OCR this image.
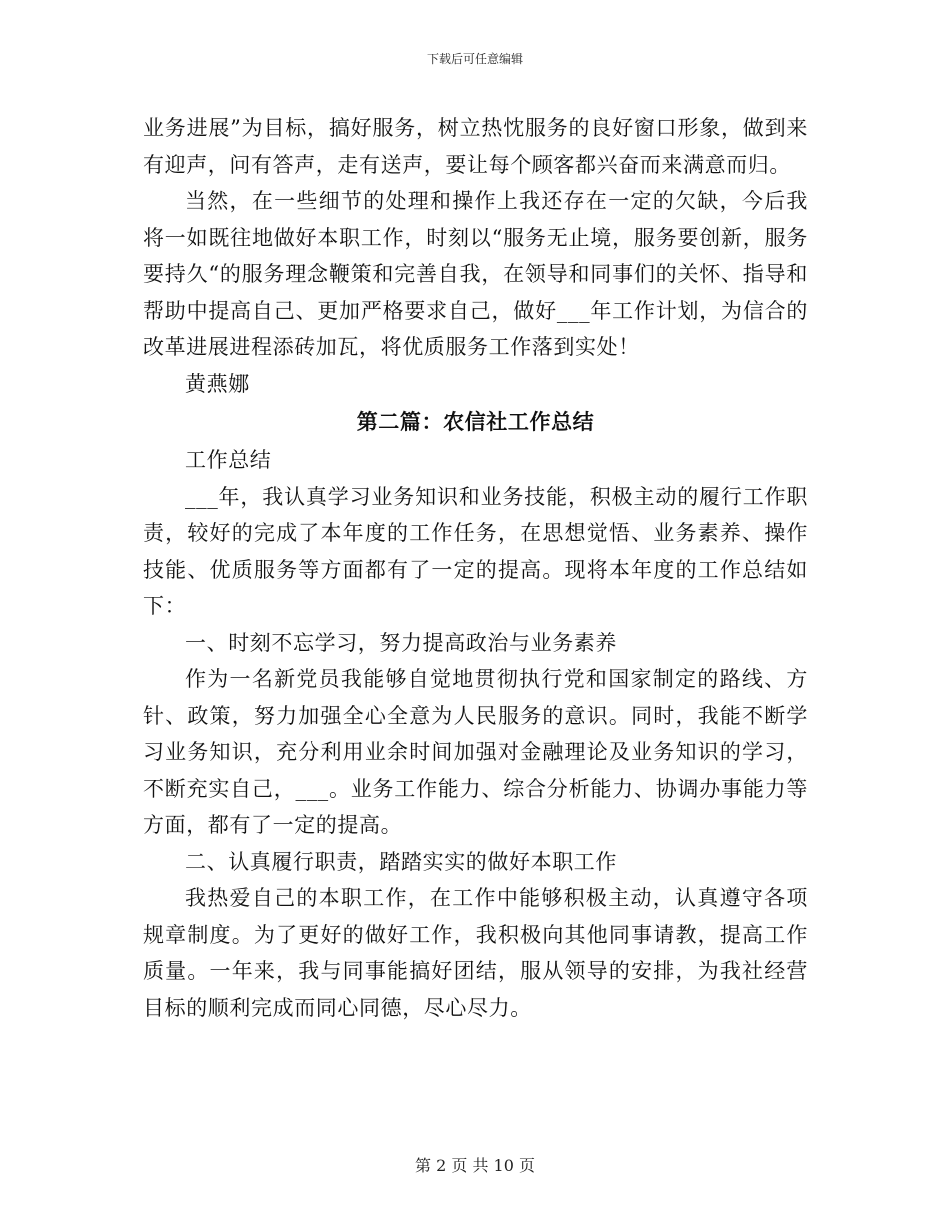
下载后可任意编辑

业务进展”为目标，搞好服务，树立热忱服务的良好窗口形象，做到来有迎声，问有答声，走有送声，要让每个顾客都兴奋而来满意而归。

当然，在一些细节的处理和操作上我还存在一定的欠缺，今后我将一如既往地做好本职工作，时刻以“服务无止境，服务要创新，服务要持久“的服务理念鞭策和完善自我，在领导和同事们的关怀、指导和帮助中提高自己、更加严格要求自己，做好___年工作计划，为信合的改革进展进程添砖加瓦，将优质服务工作落到实处！

黄燕娜

第二篇：农信社工作总结

工作总结

___年，我认真学习业务知识和业务技能，积极主动的履行工作职责，较好的完成了本年度的工作任务，在思想觉悟、业务素养、操作技能、优质服务等方面都有了一定的提高。现将本年度的工作总结如下：

一、时刻不忘学习，努力提高政治与业务素养

作为一名新党员我能够自觉地贯彻执行党和国家制定的路线、方针、政策，努力加强全心全意为人民服务的意识。同时，我能不断学习业务知识，充分利用业余时间加强对金融理论及业务知识的学习，不断充实自己，___。业务工作能力、综合分析能力、协调办事能力等方面，都有了一定的提高。

二、认真履行职责，踏踏实实的做好本职工作

我热爱自己的本职工作，在工作中能够积极主动，认真遵守各项规章制度。为了更好的做好工作，我积极向其他同事请教，提高工作质量。一年来，我与同事能搞好团结，服从领导的安排，为我社经营目标的顺利完成而同心同德，尽心尽力。

第 2 页 共 10 页
